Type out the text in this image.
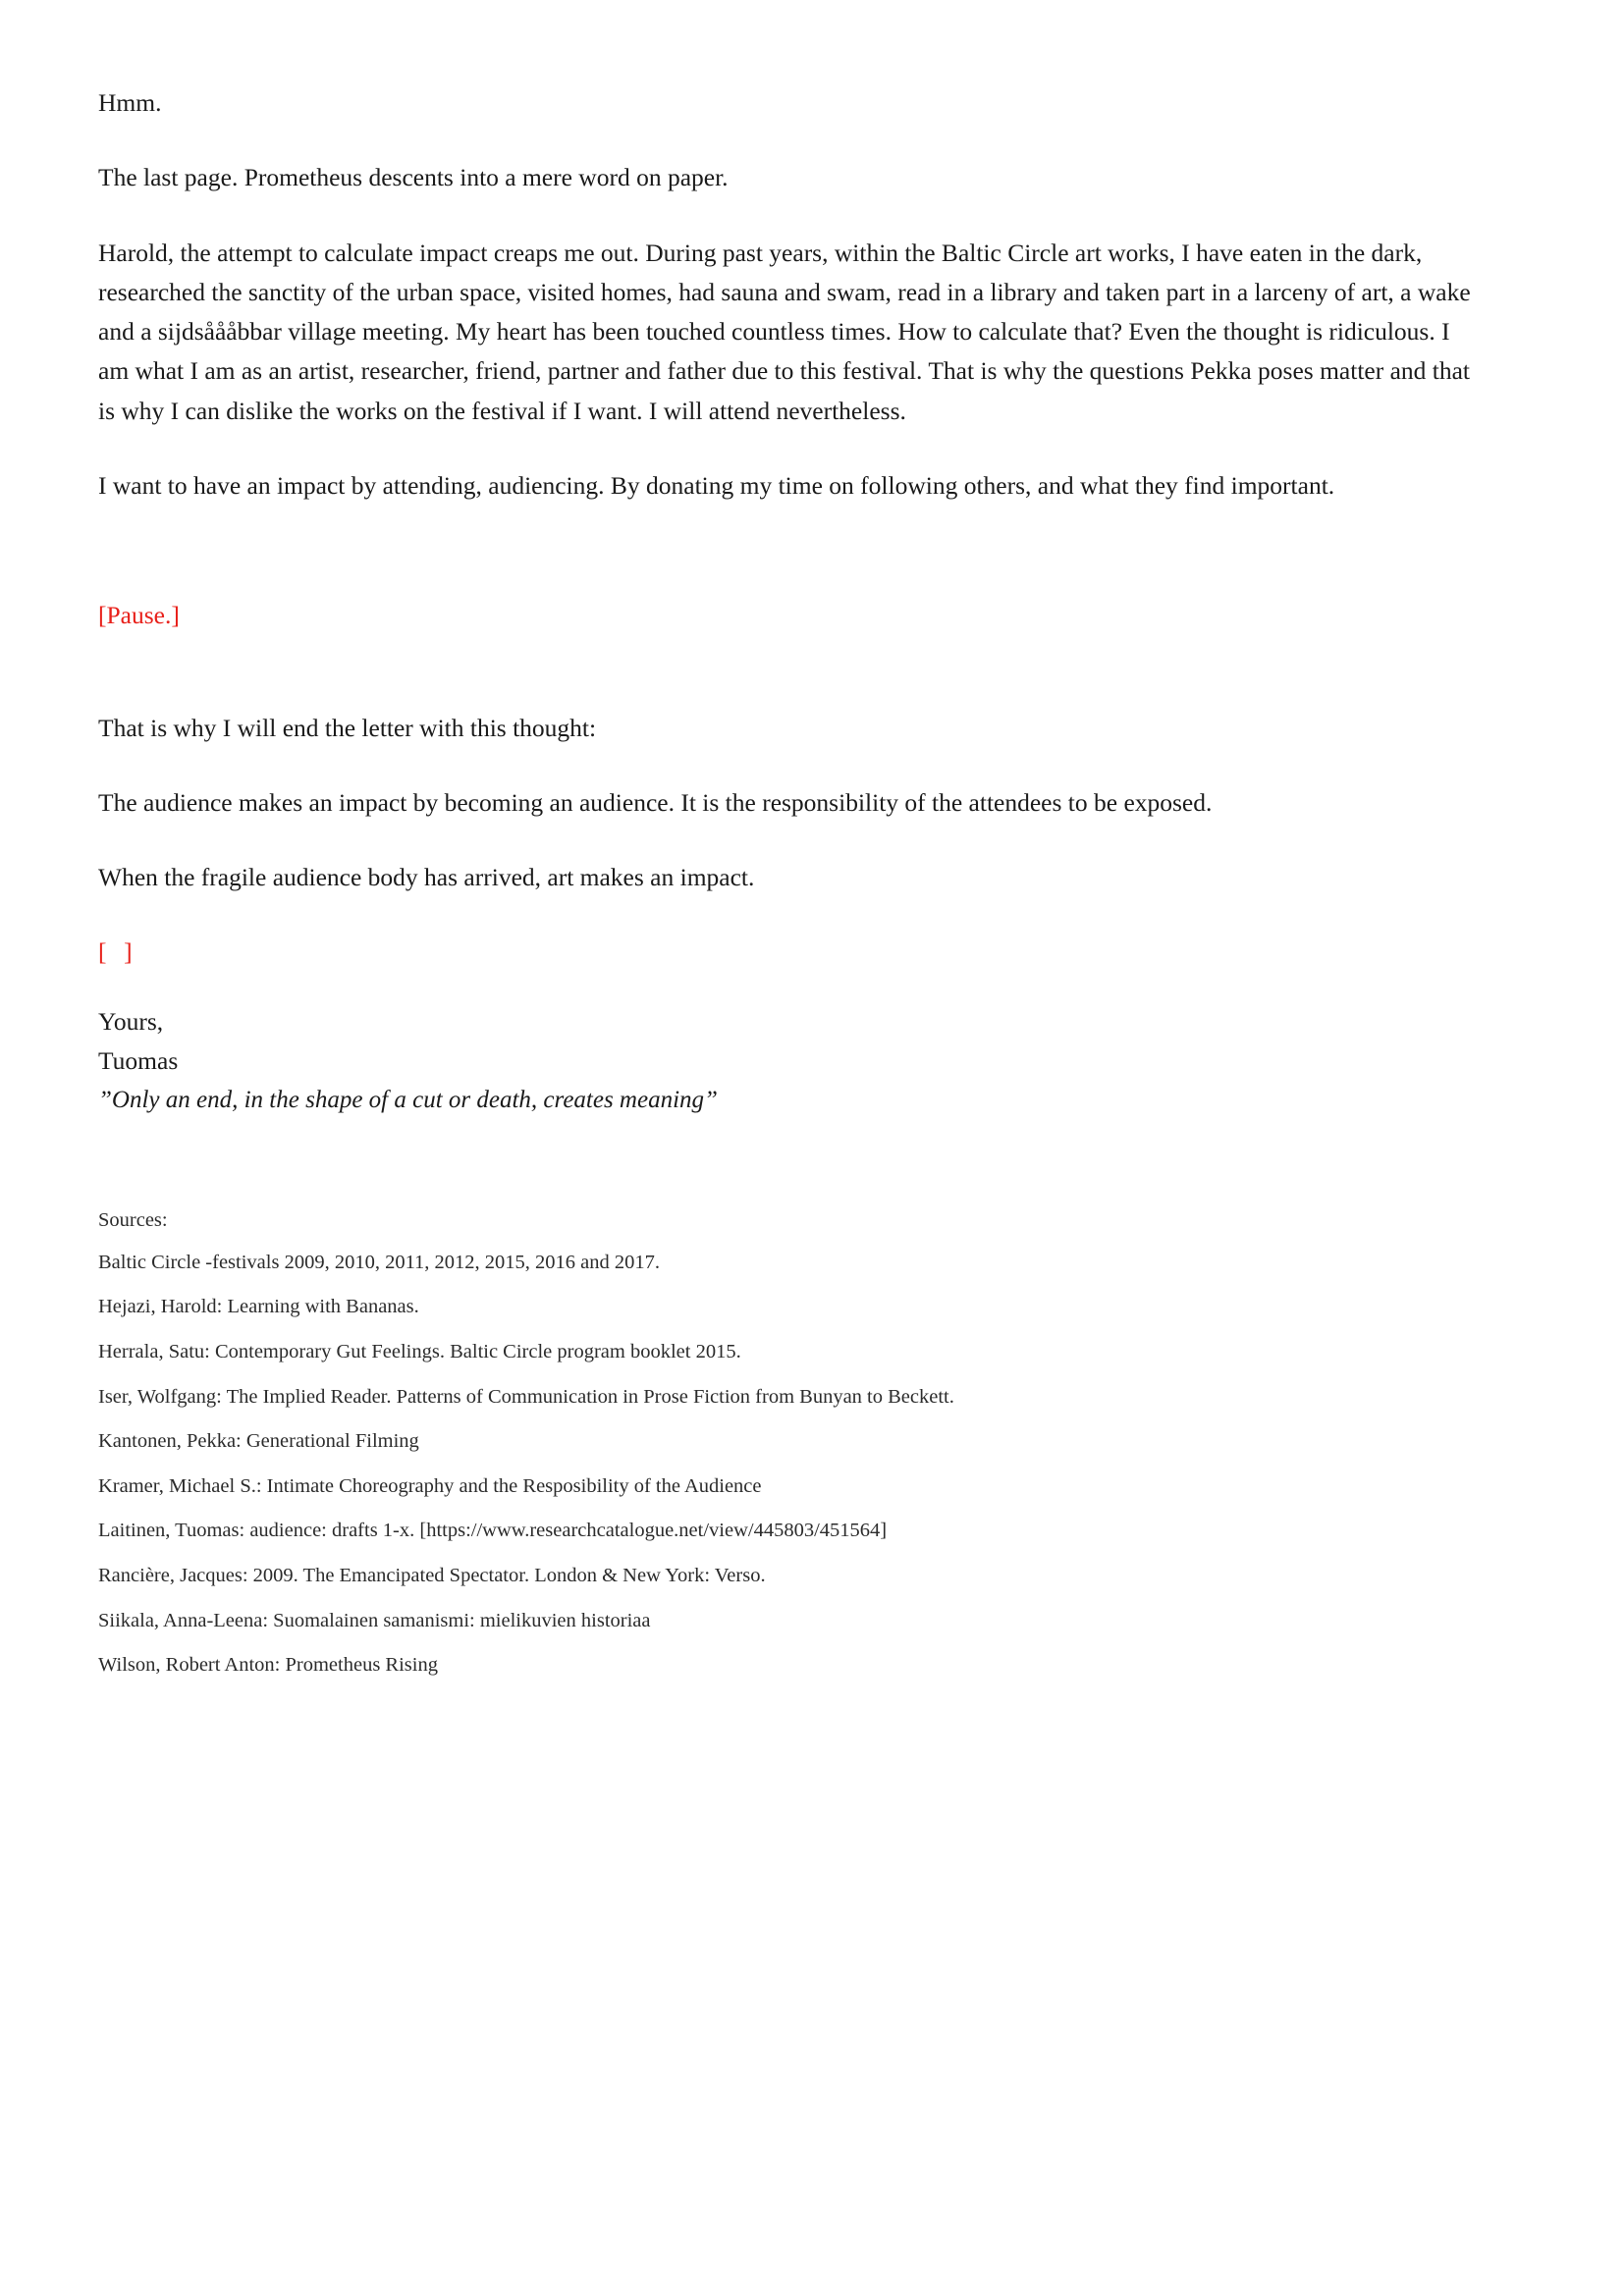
Hmm.

The last page. Prometheus descents into a mere word on paper.

Harold, the attempt to calculate impact creaps me out. During past years, within the Baltic Circle art works, I have eaten in the dark, researched the sanctity of the urban space, visited homes, had sauna and swam, read in a library and taken part in a larceny of art, a wake and a sijdsåååbbar village meeting. My heart has been touched countless times. How to calculate that? Even the thought is ridiculous. I am what I am as an artist, researcher, friend, partner and father due to this festival. That is why the questions Pekka poses matter and that is why I can dislike the works on the festival if I want. I will attend nevertheless.

I want to have an impact by attending, audiencing. By donating my time on following others, and what they find important.

[Pause.]

That is why I will end the letter with this thought:

The audience makes an impact by becoming an audience. It is the responsibility of the attendees to be exposed.

When the fragile audience body has arrived, art makes an impact.

[ ]

Yours,

Tuomas

”Only an end, in the shape of a cut or death, creates meaning”

Sources:

Baltic Circle -festivals 2009, 2010, 2011, 2012, 2015, 2016 and 2017.

Hejazi, Harold: Learning with Bananas.

Herrala, Satu: Contemporary Gut Feelings. Baltic Circle program booklet 2015.

Iser, Wolfgang: The Implied Reader. Patterns of Communication in Prose Fiction from Bunyan to Beckett.

Kantonen, Pekka: Generational Filming

Kramer, Michael S.: Intimate Choreography and the Resposibility of the Audience

Laitinen, Tuomas: audience: drafts 1-x. [https://www.researchcatalogue.net/view/445803/451564]

Rancière, Jacques: 2009. The Emancipated Spectator. London & New York: Verso.

Siikala, Anna-Leena: Suomalainen samanismi: mielikuvien historiaa

Wilson, Robert Anton: Prometheus Rising
